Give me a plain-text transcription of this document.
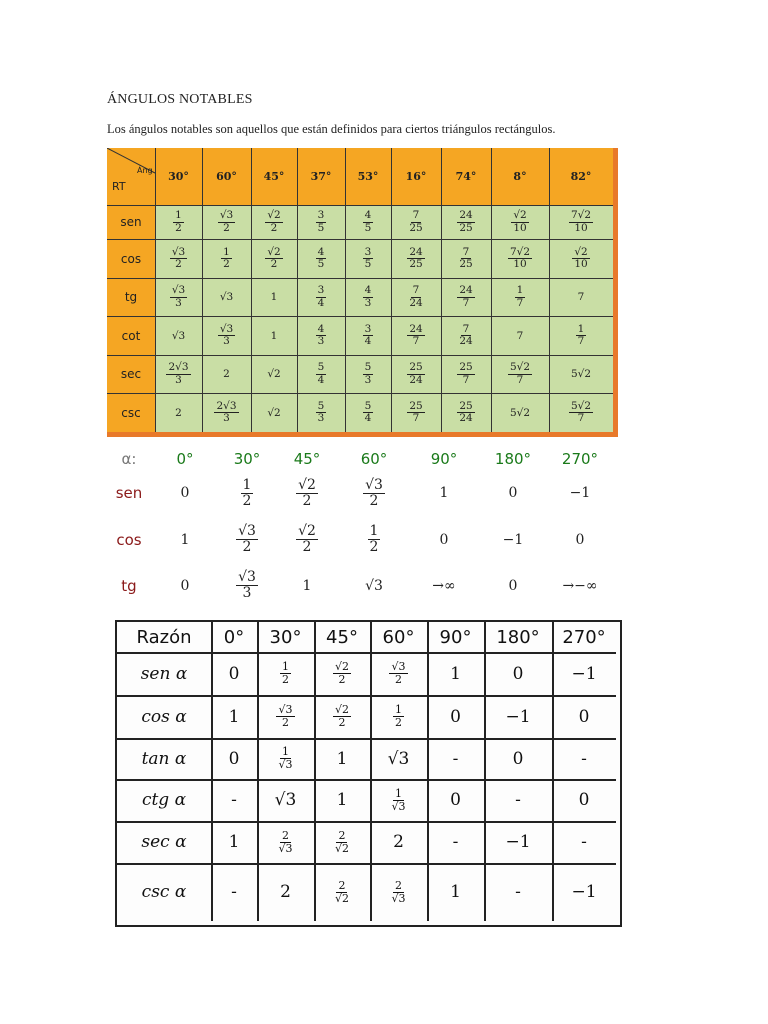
ÁNGULOS NOTABLES
Los ángulos notables son aquellos que están definidos para ciertos triángulos rectángulos.
Áng
RT
30°	60°	45°	37°	53°	16°	74°	8°	82°
sen	$\frac{1}{2}$	$\frac{√3}{2}$	$\frac{√2}{2}$	$\frac{3}{5}$	$\frac{4}{5}$	$\frac{7}{25}$	$\frac{24}{25}$	$\frac{√2}{10}$	$\frac{7√2}{10}$
cos	$\frac{√3}{2}$	$\frac{1}{2}$	$\frac{√2}{2}$	$\frac{4}{5}$	$\frac{3}{5}$	$\frac{24}{25}$	$\frac{7}{25}$	$\frac{7√2}{10}$	$\frac{√2}{10}$
tg	$\frac{√3}{3}$	√3	1	$\frac{3}{4}$	$\frac{4}{3}$	$\frac{7}{24}$	$\frac{24}{7}$	$\frac{1}{7}$	7
cot	√3	$\frac{√3}{3}$	1	$\frac{4}{3}$	$\frac{3}{4}$	$\frac{24}{7}$	$\frac{7}{24}$	7	$\frac{1}{7}$
sec	$\frac{2√3}{3}$	2	√2	$\frac{5}{4}$	$\frac{5}{3}$	$\frac{25}{24}$	$\frac{25}{7}$	$\frac{5√2}{7}$	5√2
csc	2	$\frac{2√3}{3}$	√2	$\frac{5}{3}$	$\frac{5}{4}$	$\frac{25}{7}$	$\frac{25}{24}$	5√2	$\frac{5√2}{7}$
α:	0°	30°	45°	60°	90°	180°	270°
sen	0	$\frac{1}{2}$	$\frac{√2}{2}$	$\frac{√3}{2}$	1	0	−1
cos	1	$\frac{√3}{2}$	$\frac{√2}{2}$	$\frac{1}{2}$	0	−1	0
tg	0	$\frac{√3}{3}$	1	√3	→∞	0	→−∞
Razón	0°	30°	45°	60°	90°	180°	270°
sen α	0	$\frac{1}{2}$	$\frac{√2}{2}$	$\frac{√3}{2}$	1	0	−1
cos α	1	$\frac{√3}{2}$	$\frac{√2}{2}$	$\frac{1}{2}$	0	−1	0
tan α	0	$\frac{1}{√3}$	1	√3	-	0	-
ctg α	-	√3	1	$\frac{1}{√3}$	0	-	0
sec α	1	$\frac{2}{√3}$	$\frac{2}{√2}$	2	-	−1	-
csc α	-	2	$\frac{2}{√2}$	$\frac{2}{√3}$	1	-	−1
